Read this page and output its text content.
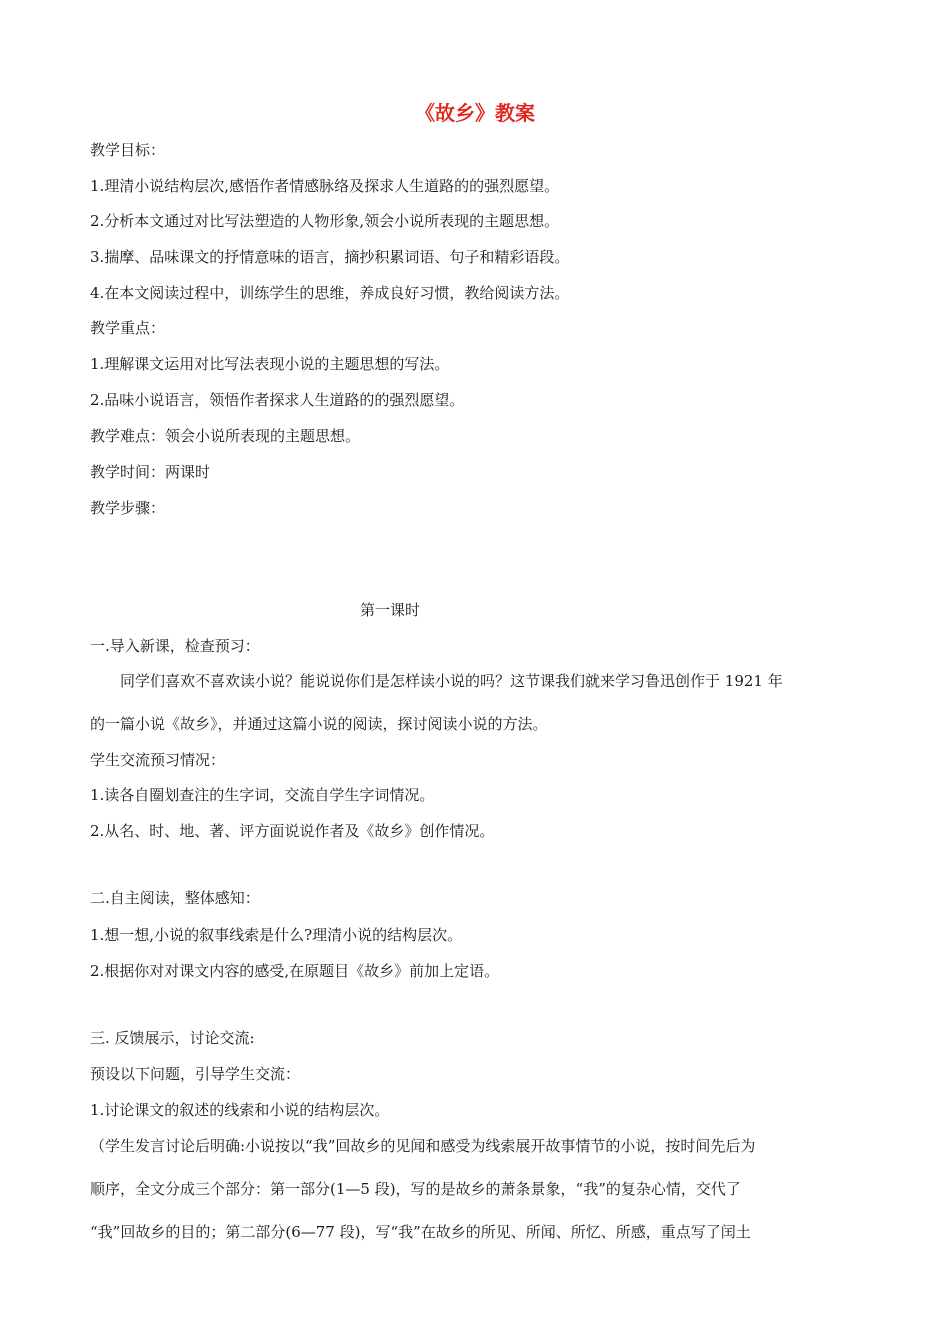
《故乡》教案
教学目标：
1.理清小说结构层次,感悟作者情感脉络及探求人生道路的的强烈愿望。
2.分析本文通过对比写法塑造的人物形象,领会小说所表现的主题思想。
3.揣摩、品味课文的抒情意味的语言，摘抄积累词语、句子和精彩语段。
4.在本文阅读过程中，训练学生的思维，养成良好习惯，教给阅读方法。
教学重点：
1.理解课文运用对比写法表现小说的主题思想的写法。
2.品味小说语言，领悟作者探求人生道路的的强烈愿望。
教学难点：领会小说所表现的主题思想。
教学时间：两课时
教学步骤：
第一课时
一.导入新课，检查预习：
同学们喜欢不喜欢读小说？能说说你们是怎样读小说的吗？这节课我们就来学习鲁迅创作于 1921 年
的一篇小说《故乡》，并通过这篇小说的阅读，探讨阅读小说的方法。
学生交流预习情况：
1.读各自圈划查注的生字词，交流自学生字词情况。
2.从名、时、地、著、评方面说说作者及《故乡》创作情况。
二.自主阅读，整体感知：
1.想一想,小说的叙事线索是什么?理清小说的结构层次。
2.根据你对对课文内容的感受,在原题目《故乡》前加上定语。
三. 反馈展示，讨论交流:
预设以下问题，引导学生交流：
1.讨论课文的叙述的线索和小说的结构层次。
（学生发言讨论后明确:小说按以“我”回故乡的见闻和感受为线索展开故事情节的小说，按时间先后为
顺序，全文分成三个部分：第一部分(1—5 段)，写的是故乡的萧条景象，“我”的复杂心情，交代了
“我”回故乡的目的；第二部分(6—77 段)，写“我”在故乡的所见、所闻、所忆、所感，重点写了闰土
